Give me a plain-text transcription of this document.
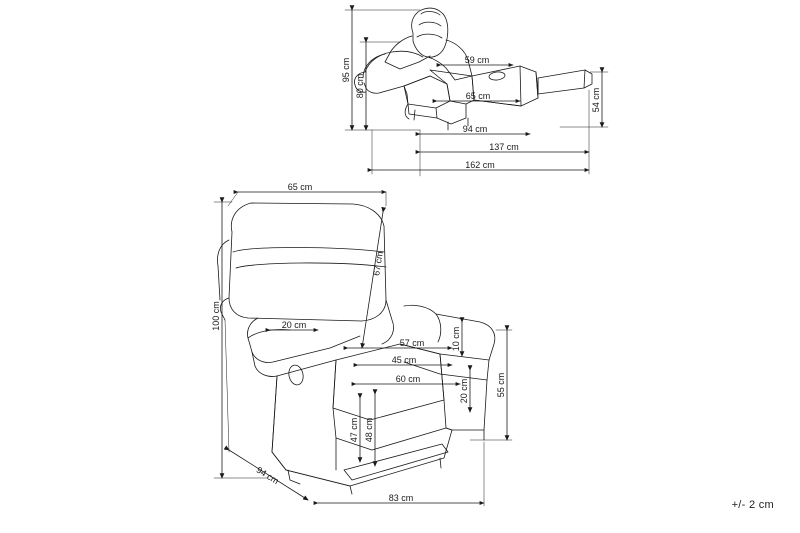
95 cm
80 cm
59 cm
65 cm	54 cm
94 cm
137 cm
162 cm
65 cm
100 cm
67 cm
20 cm
57 cm	10 cm
45 cm
60 cm	20 cm
47 cm 48 cm
55 cm
94 cm
83 cm
+/- 2 cm
